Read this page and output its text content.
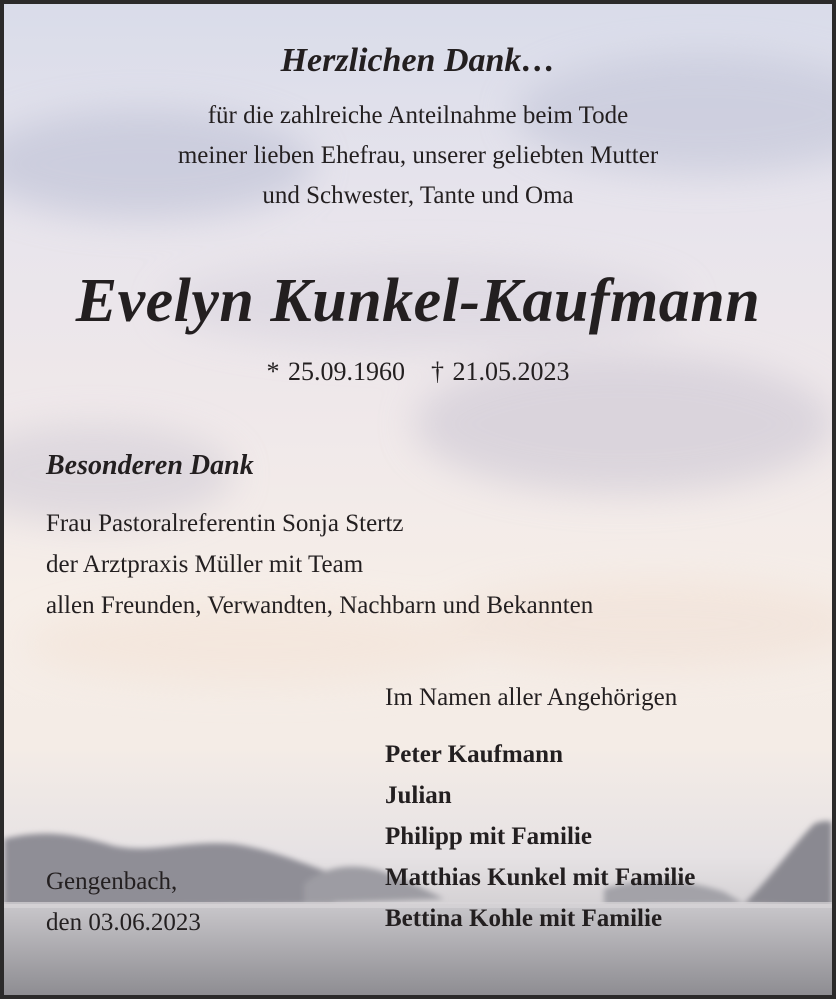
Herzlichen Dank…
für die zahlreiche Anteilnahme beim Tode
meiner lieben Ehefrau, unserer geliebten Mutter
und Schwester, Tante und Oma
Evelyn Kunkel-Kaufmann
* 25.09.1960 † 21.05.2023
Besonderen Dank
Frau Pastoralreferentin Sonja Stertz
der Arztpraxis Müller mit Team
allen Freunden, Verwandten, Nachbarn und Bekannten
Im Namen aller Angehörigen
Peter Kaufmann
Julian
Philipp mit Familie
Matthias Kunkel mit Familie
Bettina Kohle mit Familie
Gengenbach,
den 03.06.2023
